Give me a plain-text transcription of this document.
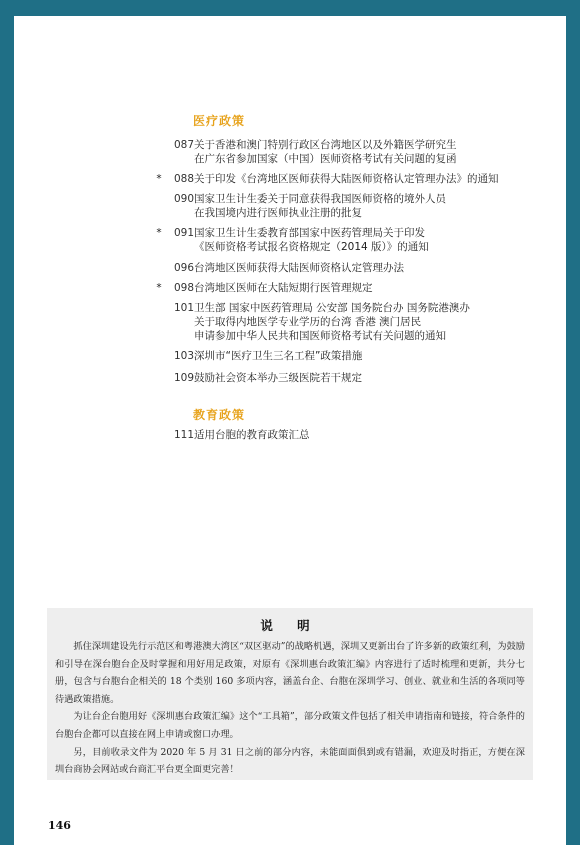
医疗政策
087 关于香港和澳门特别行政区台湾地区以及外籍医学研究生
在广东省参加国家（中国）医师资格考试有关问题的复函
*	088 关于印发《台湾地区医师获得大陆医师资格认定管理办法》的通知
090 国家卫生计生委关于同意获得我国医师资格的境外人员
在我国境内进行医师执业注册的批复
*	091 国家卫生计生委教育部国家中医药管理局关于印发
《医师资格考试报名资格规定（2014 版）》的通知
096 台湾地区医师获得大陆医师资格认定管理办法
*	098 台湾地区医师在大陆短期行医管理规定
101 卫生部 国家中医药管理局 公安部 国务院台办 国务院港澳办
关于取得内地医学专业学历的台湾 香港 澳门居民
申请参加中华人民共和国医师资格考试有关问题的通知
103 深圳市“医疗卫生三名工程”政策措施
109 鼓励社会资本举办三级医院若干规定
教育政策
111 适用台胞的教育政策汇总
说 明

抓住深圳建设先行示范区和粤港澳大湾区“双区驱动”的战略机遇，深圳又更新出台了许多新的政策红利，为鼓励和引导在深台胞台企及时掌握和用好用足政策，对原有《深圳惠台政策汇编》内容进行了适时梳理和更新，共分七册，包含与台胞台企相关的 18 个类别 160 多项内容，涵盖台企、台胞在深圳学习、创业、就业和生活的各项同等待遇政策措施。

为让台企台胞用好《深圳惠台政策汇编》这个“工具箱”，部分政策文件包括了相关申请指南和链接，符合条件的台胞台企都可以直接在网上申请或窗口办理。

另，目前收录文件为 2020 年 5 月 31 日之前的部分内容，未能面面俱到或有错漏，欢迎及时指正，方便在深圳台商协会网站或台商汇平台更全面更完善！

146
